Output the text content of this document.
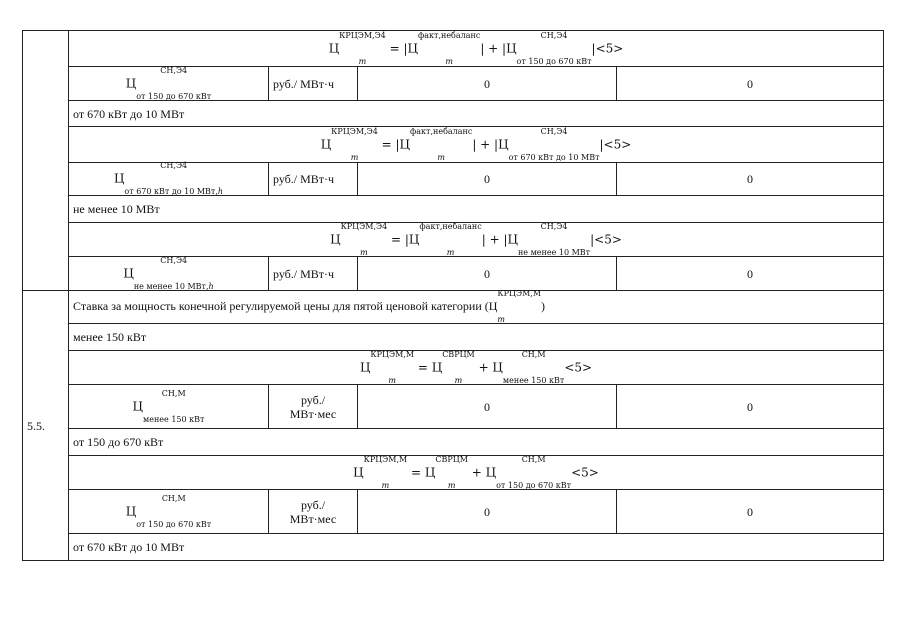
	$Ц^{КРЦЭМ,Э4}$
$_m = |Ц^{факт,небаланс}$
$_m| + |Ц^{СН,Э4}$
$_{от 150 до 670 кВт}$|<5>			
	$Ц^{СН,Э4}$
$_{от 150 до 670 кВт}$	руб./ МВт·ч	0	0
	от 670 кВт до 10 МВт			
	$Ц^{КРЦЭМ,Э4}$
$_m = |Ц^{факт,небаланс}$
$_m| + |Ц^{СН,Э4}$
$_{от 670 кВт до 10 МВт}$|<5>			
	$Ц^{СН,Э4}$
$_{от 670 кВт до 10 МВт,h}$	руб./ МВт·ч	0	0
	не менее 10 МВт			
	$Ц^{КРЦЭМ,Э4}$
$_m = |Ц^{факт,небаланс}$
$_m| + |Ц^{СН,Э4}$
$_{не менее 10 МВт}$|<5>			
	$Ц^{СН,Э4}$
$_{не менее 10 МВт,h}$	руб./ МВт·ч	0	0
5.5.	Ставка за мощность конечной регулируемой цены для пятой ценовой категории ($Ц^{КРЦЭМ,М}$
$_m$)			
	менее 150 кВт			
	$Ц^{КРЦЭМ,М}$
$_m = Ц^{СВРЦМ}$
$_m + Ц^{СН,М}$
$_{менее 150 кВт}$<5>			
	$Ц^{СН,М}$
$_{менее 150 кВт}$	руб./
МВт·мес	0	0
	от 150 до 670 кВт			
	$Ц^{КРЦЭМ,М}$
$_m = Ц^{СВРЦМ}$
$_m + Ц^{СН,М}$
$_{от 150 до 670 кВт}$<5>			
	$Ц^{СН,М}$
$_{от 150 до 670 кВт}$	руб./
МВт·мес	0	0
	от 670 кВт до 10 МВт			
